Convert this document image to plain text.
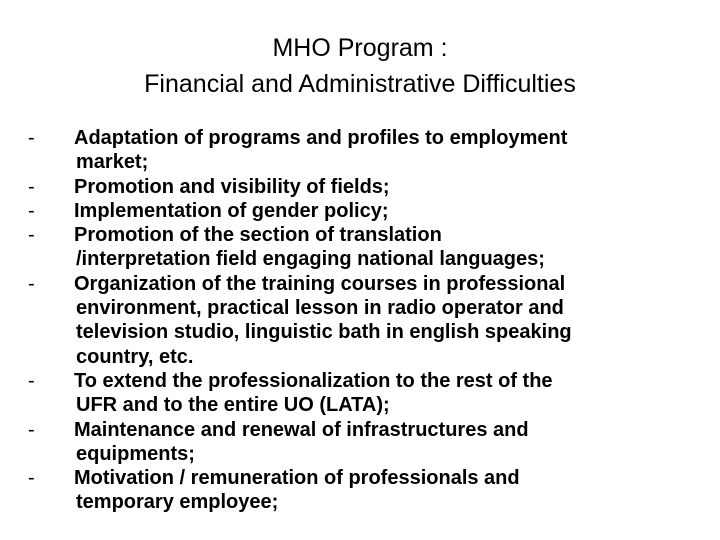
MHO Program :
Financial and Administrative Difficulties
-	Adaptation of programs and profiles to employment
market;
-	Promotion and visibility of fields;
-	Implementation of gender policy;
-	Promotion of the section of translation
/interpretation field engaging national languages;
-	Organization of the training courses in professional
environment, practical lesson in radio operator and
television studio, linguistic bath in english speaking
country, etc.
-	To extend the professionalization to the rest of the
UFR and to the entire UO (LATA);
-	Maintenance and renewal of infrastructures and
equipments;
-	Motivation / remuneration of professionals and
temporary employee;
